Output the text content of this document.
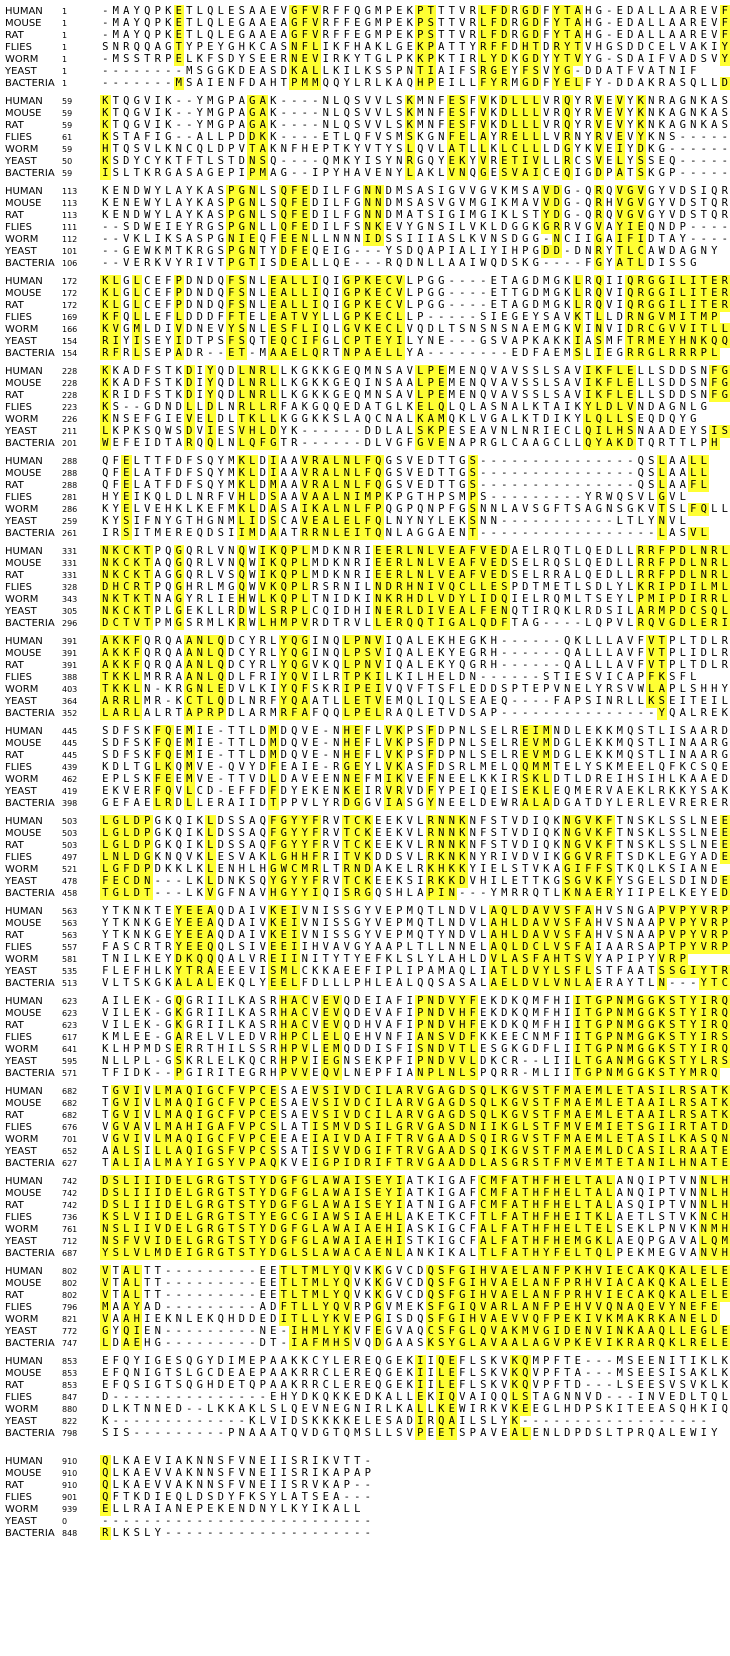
HUMAN 1	- M A Y Q P K E T L Q L E S A A E V G F V R F F Q G M P E K P T T T V R L F D R G D F Y T A H G - E D A L L A A R E V F
MOUSE	1	- M A Y Q P K E T L Q L E G A A E A G F V R F F E G M P E K P S T T V R L F D R G D F Y T A H G - E D A L L A A R E V F
RAT	1	- M A Y Q P K E T L Q L E G A A E A G F V R F F E G M P E K P S T T V R L F D R G D F Y T A H G - E D A L L A A R E V F
FLIES	1	S N R Q Q A G T Y P E Y G H K C A S N F L I K F H A K L G E K P A T T Y R F F D H T D R Y T V H G S D D C E L V A K I Y
WORM	1	- M S S T R P E L K F S D Y S E E R N E V I R K Y T G L P K K P K T I R L Y D K G D Y Y T V Y G - S D A I F V A D S V Y
YEAST	1	- - - - - - - - M S G G K D E A S D K A L L K I L K S S P N T I A I F S R G E Y F S V Y G - D D A T F V A T N I F
BACTERIA 1	- - - - - - - M S A I E N F D A H T P M M Q Q Y L R L K A Q H P E I L L F Y R M G D F Y E L F Y - D D A K R A S Q L L D
HUMAN 59	K T Q G V I K - - Y M G P A G A K - - - - N L Q S V V L S K M N F E S F V K D L L L V R Q Y R V E V Y K N R A G N K A S
MOUSE	59	K T Q G V I K - - Y M G P A G A K - - - - N L Q S V V L S K M N F E S F V K D L L L V R Q Y R V E V Y K N K A G N K A S
RAT	59	K T Q G V I K - - Y M G P A G A K - - - - N L Q S V V L S K M N F E S F V K D L L L V R Q Y R V E V Y K N K A G N K A S
FLIES	61	K S T A F I G - - A L L P D D K K - - - - E T L Q F V S M S K G N F E L A Y R E L L L V R N Y R V E V Y K N S - - - - -
WORM	59	H T Q S V L K N C Q L D P V T A K N F H E P T K Y V T Y S L Q V L A T L L K L C L L L D G Y K V E I Y D K G - - - - - -
YEAST	50	K S D Y C Y K T F T L S T D N S Q - - - - Q M K Y I S Y N R G Q Y E K Y V R E T I V L L R C S V E L Y S S E Q - - - - -
BACTERIA 59	I S L T K R G A S A G E P I P M A G - - I P Y H A V E N Y L A K L V N Q G E S V A I C E Q I G D P A T S K G P - - - - -
HUMAN 113	K E N D W Y L A Y K A S P G N L S Q F E D I L F G N N D M S A S I G V V G V K M S A V D G - Q R Q V G V G Y V D S I Q R
MOUSE	113	K E N E W Y L A Y K A S P G N L S Q F E D I L F G N N D M S A S V G V M G I K M A V V D G - Q R H V G V G Y V D S T Q R
RAT	113	K E N D W Y L A Y K A S P G N L S Q F E D I L F G N N D M A T S I G I M G I K L S T Y D G - Q R Q V G V G Y V D S T Q R
FLIES	111	- - S D W E I E Y R G S P G N L L Q F E D I L F S N K E V Y G N S I L V K L D G G K G R R V G V A Y I E Q N D P - - - -
WORM	112	- - V K L I K S A S P G N I E Q F E E N L L N N N I D S S I I I A S L K V N S D G G - N C I I G A I F I D T A Y - - - -
YEAST	101	- - G E W K M T K R G S P G N T Y D F E Q E I G - - - Y S D Q A P I A L I Y I H P G D D - D N R Y T L C A W D A G N Y
BACTERIA 106	- - V E R K V Y R I V T P G T I S D E A L L Q E - - - R Q D N L L A A I W Q D S K G - - - - F G Y A T L D I S S G
HUMAN 172	K L G L C E F P D N D Q F S N L E A L L I Q I G P K E C V L P G G - - - - E T A G D M G K L R Q I I Q R G G I L I T E R
MOUSE	172	K L G L C E F P D N D Q F S N L E A L L I Q I G P K E C V L P G G - - - - E T T G D M G K L R Q V I Q R G G I L I T E R
RAT	172	K L G L C E F P D N D Q F S N L E A L L I Q I G P K E C V L P G G - - - - E T A G D M G K L R Q V I Q R G G I L I T E R
FLIES	169	K F Q L L E F L D D D F F T E L E A T V Y L L G P K E C L L P - - - - - S I E G E Y S A V K T L L D R N G V M I T M P
WORM	166	K V G M L D I V D N E V Y S N L E S F L I Q L G V K E C L V Q D L T S N S N S N A E M G K V I N V I D R C G V V I T L L
YEAST	154	R I Y I S E Y I D T P S F S Q T E Q C I F G L C P T E Y I L Y N E - - - G S V A P K A K K I A S M F T R M E Y H N K Q Q
BACTERIA 154	R F R L S E P A D R - - E T - M A A E L Q R T N P A E L L Y A - - - - - - - - E D F A E M S L I E G R R G L R R R P L
HUMAN 228	K K A D F S T K D I Y Q D L N R L L K G K K G E Q M N S A V L P E M E N Q V A V S S L S A V I K F L E L L S D D S N F G
MOUSE	228	K K A D F S T K D I Y Q D L N R L L K G K K G E Q I N S A A L P E M E N Q V A V S S L S A V I K F L E L L S D D S N F G
RAT	228	K R I D F S T K D I Y Q D L N R L L K G K K G E Q M N S A V L P E M E N Q V A V S S L S A V I K F L E L L S D D S N F G
FLIES	223	K S - - G D N D L L D L N R L L R F A K G Q Q E D A T G L K E L Q L Q L A S N A L K T A I K Y L D L V N D A G N L G
WORM	226	K N S E F G I E V E L D L T K L L K G G K K S L A Q C N A L K A M Q K L V G A L K T D I K Y L Q L L S E Q D Q Y G
YEAST	211	L K P K S Q W S D V I E S V H L D Y K - - - - - - D D L A L S K P E S E A V N L N R I E C L Q I L H S N A A D E Y S I S
BACTERIA 201	W E F E I D T A R Q Q L N L Q F G T R - - - - - - D L V G F G V E N A P R G L C A A G C L L Q Y A K D T Q R T T L P H
HUMAN 288	Q F E L T T F D F S Q Y M K L D I A A V R A L N L F Q G S V E D T T G S - - - - - - - - - - - - - - - Q S L A A L L
MOUSE	288	Q F E L A T F D F S Q Y M K L D I A A V R A L N L F Q G S V E D T T G S - - - - - - - - - - - - - - - Q S L A A L L
RAT	288	Q F E L A T F D F S Q Y M K L D M A A V R A L N L F Q G S V E D T T G S - - - - - - - - - - - - - - - Q S L A A F L
FLIES	281	H Y E I K Q L D L N R F V H L D S A A V A A L N I M P K P G T H P S M P S - - - - - - - - - Y R W Q S V L G V L
WORM	286	K Y E L V E H K L K E F M K L D A S A I K A L N L F P Q G P Q N P F G S N N L A V S G F T S A G N S G K V T S L F Q L L
YEAST	259	K Y S I F N Y G T H G N M L I D S C A V E A L E L F Q L N Y N Y L E K S N N - - - - - - - - - - - L T L Y N V L
BACTERIA 261	I R S I T M E R E Q D S I I M D A A T R R N L E I T Q N L A G G A E N T - - - - - - - - - - - - - - - - - L A S V L
HUMAN 331	N K C K T P Q G Q R L V N Q W I K Q P L M D K N R I E E R L N L V E A F V E D A E L R Q T L Q E D L L R R F P D L N R L
MOUSE	331	N K C K T A Q G Q R L V N Q W I K Q P L M D K N R I E E R L N L V E A F V E D S E L R Q S L Q E D L L R R F P D L N R L
RAT	331	N K C K T A G G Q R L V S Q W I K Q P L M D K N R I E E R L N L V E A F V E D S E L R R A L Q E D L L R R F P D L N R L
FLIES	328	D H C R T P Q G H R L M G Q W V K Q P L R S R N I L N D R H N I V Q C L L E S P D T M E T L S D L Y L K R I P D I L M L
WORM	343	N K T K T N A G Y R L I E H W L K Q P L T N I D K I N K R H D L V D Y L I D Q I E L R Q M L T S E Y L P M I P D I R R L
YEAST	305	N K C K T P L G E K L L R D W L S R P L C Q I D H I N E R L D I V E A L F E N Q T I R Q K L R D S I L A R M P D C S Q L
BACTERIA 296	D C T V T P M G S R M L K R W L H M P V R D T R V L L E R Q Q T I G A L Q D F T A G - - - - L Q P V L R Q V G D L E R I
HUMAN 391	A K K F Q R Q A A N L Q D C Y R L Y Q G I N Q L P N V I Q A L E K H E G K H - - - - - - Q K L L L A V F V T P L T D L R
MOUSE	391	A K K F Q R Q A A N L Q D C Y R L Y Q G I N Q L P S V I Q A L E K Y E G R H - - - - - - Q A L L L A V F V T P L I D L R
RAT	391	A K K F Q R Q A A N L Q D C Y R L Y Q G V K Q L P N V I Q A L E K Y Q G R H - - - - - - Q A L L L A V F V T P L T D L R
FLIES	388	T K K L M R R A A N L Q D L F R I Y Q V I L R T P K I L K I L H E L D N - - - - - - S T I E S V I C A P F K S F L
WORM	403	T K K L N - K R G N L E D V L K I Y Q F S K R I P E I V Q V F T S F L E D D S P T E P V N E L Y R S V W L A P L S H H Y
YEAST	364	A R R L M R - K C T L Q D L N R F Y Q A A T L L E T V E M Q L I Q L S E A E Q - - - - F A P S I N R L L K S E I T E I L
BACTERIA 352	L A R L A L R T A P R P D L A R M R F A F Q Q L P E L R A Q L E T V D S A P - - - - - - - - - - - - - - - Y Q A L R E K
HUMAN 445	S D F S K F Q E M I E - T T L D M D Q V E - N H E F L V K P S F D P N L S E L R E I M N D L E K K M Q S T L I S A A R D
MOUSE	445	S D F S K F Q E M I E - T T L D M D Q V E - N H E F L V K P S F D P N L S E L R E V M D G L E K K M Q S T L I N A A R G
RAT	445	S D F S K F Q E M I E - T T L D M D Q V E - N H E F L V K P S F D P N L S E L R E V M D G L E K K M Q S T L I N A A R G
FLIES	439	K D L T G L K Q M V E - Q V Y D F E A I E - R G E Y L V K A S F D S R L M E L Q Q M M T E L Y S K M E E L Q F K C S Q E
WORM	462	E P L S K F E E M V E - T T V D L D A V E E N N E F M I K V E F N E E L K K I R S K L D T L D R E I H S I H L K A A E D
YEAST	419	E K V E R F Q V L C D - E F F D F D Y E K E N K E I R V R V D F Y P E I Q E I S E K L E Q M E R V A E K L R K K Y S A K
BACTERIA 398	G E F A E L R D L L E R A I I D T P P V L Y R D G G V I A S G Y N E E L D E W R A L A D G A T D Y L E R L E V R E R E R
HUMAN 503	L G L D P G K Q I K L D S S A Q F G Y Y F R V T C K E E K V L R N N K N F S T V D I Q K N G V K F T N S K L S S L N E E
MOUSE	503	L G L D P G K Q I K L D S S A Q F G Y Y F R V T C K E E K V L R N N K N F S T V D I Q K N G V K F T N S K L S S L N E E
RAT	503	L G L D P G K Q I K L D S S A Q F G Y Y F R V T C K E E K V L R N N K N F S T V D I Q K N G V K F T N S K L S S L N E E
FLIES	497	L N L D G K N Q V K L E S V A K L G H H F R I T V K D D S V L R K N K N Y R I V D V I K G G V R F T S D K L E G Y A D E
WORM	521	L G F D P D K K L K L E N H L H G W C M R L T R N D A K E L R K H K K Y I E L S T V K A G I F F S T K Q L K S I A N E
YEAST	478	F E C D N - - - L K L D N K S Q Y G Y Y F R V T C K E E K S I R K K D V H I L E T T K G S G V K F Y S G E L S D I N D E
BACTERIA 458	T G L D T - - - L K V G F N A V H G Y Y I Q I S R G Q S H L A P I N - - - Y M R R Q T L K N A E R Y I I P E L K E Y E D
HUMAN 563	Y T K N K T E Y E E A Q D A I V K E I V N I S S G Y V E P M Q T L N D V L A Q L D A V V S F A H V S N G A P V P Y V R P
MOUSE	563	Y T K N K G E Y E E A Q D A I V K E I V N I S S G Y V E P M Q T L N D V L A H L D A V V S F A H V S N A A P V P Y V R P
RAT	563	Y T K N K G E Y E E A Q D A I V K E I V N I S S G Y V E P M Q T Y N D V L A H L D A V V S F A H V S N A A P V P Y V R P
FLIES	557	F A S C R T R Y E E Q Q L S I V E E I I H V A V G Y A A P L T L L N N E L A Q L D C L V S F A I A A R S A P T P Y V R P
WORM	581	T N I L K E Y D K Q Q Q A L V R E I I N I T Y T Y E F K L S L Y L A H L D V L A S F A H T S V Y A P I P Y V R P
YEAST	535	F L E F H L K Y T R A E E E V I S M L C K K A E E F I P L I P A M A Q L I A T L D V Y L S F L S T F A A T S S G I Y T R
BACTERIA 513	V L T S K G K A L A L E K Q L Y E E L F D L L L P H L E A L Q Q S A S A L A E L D V L V N L A E R A Y T L N - - - Y T C
HUMAN 623	A I L E K - G Q G R I I L K A S R H A C V E V Q D E I A F I P N D V Y F E K D K Q M F H I I T G P N M G G K S T Y I R Q
MOUSE	623	V I L E K - G K G R I I L K A S R H A C V E V Q D E V A F I P N D V H F E K D K Q M F H I I T G P N M G G K S T Y I R Q
RAT	623	V I L E K - G K G R I I L K A S R H A C V E V Q D H V A F I P N D V H F E K D K Q M F H I I T G P N M G G K S T Y I R Q
FLIES	617	K M L E E - G A R E L V L E D V R H P C L E L Q E H V N F I A N S V D F K K E E C N M F I I T G P N M G G K S T Y I R S
WORM	641	K L H P M D S E R R T H I L S S R H P V L E M Q D D I S F I S N D V T L E S G K G D F L I I T G P N M G G K S T Y I R Q
YEAST	595	N L L P L - G S K R L E L K Q C R H P V I E G N S E K P F I P N D V V L D K C R - - L I I L T G A N M G G K S T Y L R S
BACTERIA 571	T F I D K - - P G I R I T E G R H P V V E Q V L N E P F I A N P L N L S P Q R R - M L I I T G P N M G G K S T Y M R Q
HUMAN 682	T G V I V L M A Q I G C F V P C E S A E V S I V D C I L A R V G A G D S Q L K G V S T F M A E M L E T A S I L R S A T K
MOUSE	682	T G V I V L M A Q I G C F V P C E S A E V S I V D C I L A R V G A G D S Q L K G V S T F M A E M L E T A A I L R S A T K
RAT	682	T G V I V L M A Q I G C F V P C E S A E V S I V D C I L A R V G A G D S Q L K G V S T F M A E M L E T A A I L R S A T K
FLIES	676	V G V A V L M A H I G A F V P C S L A T I S M V D S I L G R V G A S D N I I K G L S T F M V E M I E T S G I I R T A T D
WORM	701	V G V I V L M A Q I G C F V P C E E A E I A I V D A I F T R V G A A D S Q I R G V S T F M A E M L E T A S I L K A S Q N
YEAST	652	A A L S I L L A Q I G S F V P C S S A T I S V V D G I F T R V G A A D S Q I K G V S T F M A E M L D C A S I L R A A T E
BACTERIA 627	T A L I A L M A Y I G S Y V P A Q K V E I G P I D R I F T R V G A A D D L A S G R S T F M V E M T E T A N I L H N A T E
HUMAN 742	D S L I I I D E L G R G T S T Y D G F G L A W A I S E Y I A T K I G A F C M F A T H F H E L T A L A N Q I P T V N N L H
MOUSE	742	D S L I I I D E L G R G T S T Y D G F G L A W A I S E Y I A T K I G A F C M F A T H F H E L T A L A N Q I P T V N N L H
RAT	742	D S L I I I D E L G R G T S T Y D G F G L A W A I S E Y I A T N I G A F C M F A T H F H E L T A L A S Q I P T V N N L H
FLIES	736	K S L V I I D E L G R G T S T Y E G C G I A W S I A E H L A K E T K C F T L F A T H F H E I T K L A E T L S T V K N C H
WORM	761	N S L I I V D E L G R G T S T Y D G F G L A W A I A E H I A S K I G C F A L F A T H F H E L T E L S E K L P N V K N M H
YEAST	712	N S F V V I D E L G R G T S T Y D G F G L A W A I A E H I S T K I G C F A L F A T H F H E M G K L A E Q P G A V A L Q M
BACTERIA 687	Y S L V L M D E I G R G T S T Y D G L S L A W A C A E N L A N K I K A L T L F A T H Y F E L T Q L P E K M E G V A N V H
HUMAN 802	V T A L T T - - - - - - - - - E E T L T M L Y Q V K K G V C D Q S F G I H V A E L A N F P K H V I E C A K Q K A L E L E
MOUSE	802	V T A L T T - - - - - - - - - E E T L T M L Y Q V K K G V C D Q S F G I H V A E L A N F P R H V I A C A K Q K A L E L E
RAT	802	V T A L T T - - - - - - - - - E E T L T M L Y Q V K K G V C D Q S F G I H V A E L A N F P R H V I E C A K Q K A L E L E
FLIES	796	M A A Y A D - - - - - - - - - A D F T L L Y Q V R P G V M E K S F G I Q V A R L A N F P E H V V Q N A Q E V Y N E F E
WORM	821	V A A H I E K N L E K Q H D D E D I T L L Y K V E P G I S D Q S F G I H V A E V V Q F P E K I V K M A K R K A N E L D
YEAST	772	G Y Q I E N - - - - - - - - - N E - I H M L Y K V F E G V A Q C S F G L Q V A K M V G I D E N V I N K A A Q L L E G L E
BACTERIA 747	L D A E H G - - - - - - - - - D T - I A F M H S V Q D G A A S K S Y G L A V A A L A G V P K E V I K R A R Q K L R E L E
HUMAN 853	E F Q Y I G E S Q G Y D I M E P A A K K C Y L E R E Q G E K I I Q E F L S K V K Q M P F T E - - - M S E E N I T I K L K
MOUSE	853	E F Q N I G T S L G C D E A E P A A K R R C L E R E Q G E K I I L E F L S K V K Q V P F T A - - - M S E E S I S A K L K
RAT	853	E F Q S I G T S Q G H D E T Q P A A K R R C L E R E Q G E K I I L E F L S K V K Q V P F T D - - - L S E E S V S V K L K
FLIES	847	D - - - - - - - - - - - - - - - E H Y D K Q K K E D K A L L E K I Q V A I Q Q L S T A G N N V D - - - I N V E D L T Q L
WORM	880	D L K T N N E D - - L K K A K L S L Q E V N E G N I R L K A L L K E W I R K V K E E G L H D P S K I T E E A S Q H K I Q
YEAST	822	K - - - - - - - - - - - - - K L V I D S K K K K E L E S A D I R Q A I L S L Y K - - - - - - - - - - - - - - - - - -
BACTERIA 798	S I S - - - - - - - - - P N A A A T Q V D G T Q M S L L S V P E E T S P A V E A L E N L D P D S L T P R Q A L E W I Y
HUMAN 910	Q L K A E V I A K N N S F V N E I I S R I K V T T -
MOUSE	910	Q L K A E V V A K N N S F V N E I I S R I K A P A P
RAT	910	Q L K A E V V A K N N S F V N E I I S R V K A P - -
FLIES	901	Q F T K D I E Q L D S D Y F K S Y L A T S E A - - -
WORM	939	E L L R A I A N E P E K E N D N Y L K Y I K A L L
YEAST	0	- - - - - - - - - - - - - - - - - - - - - - - - - -
BACTERIA 848	R L K S L Y - - - - - - - - - - - - - - - - - - - -
